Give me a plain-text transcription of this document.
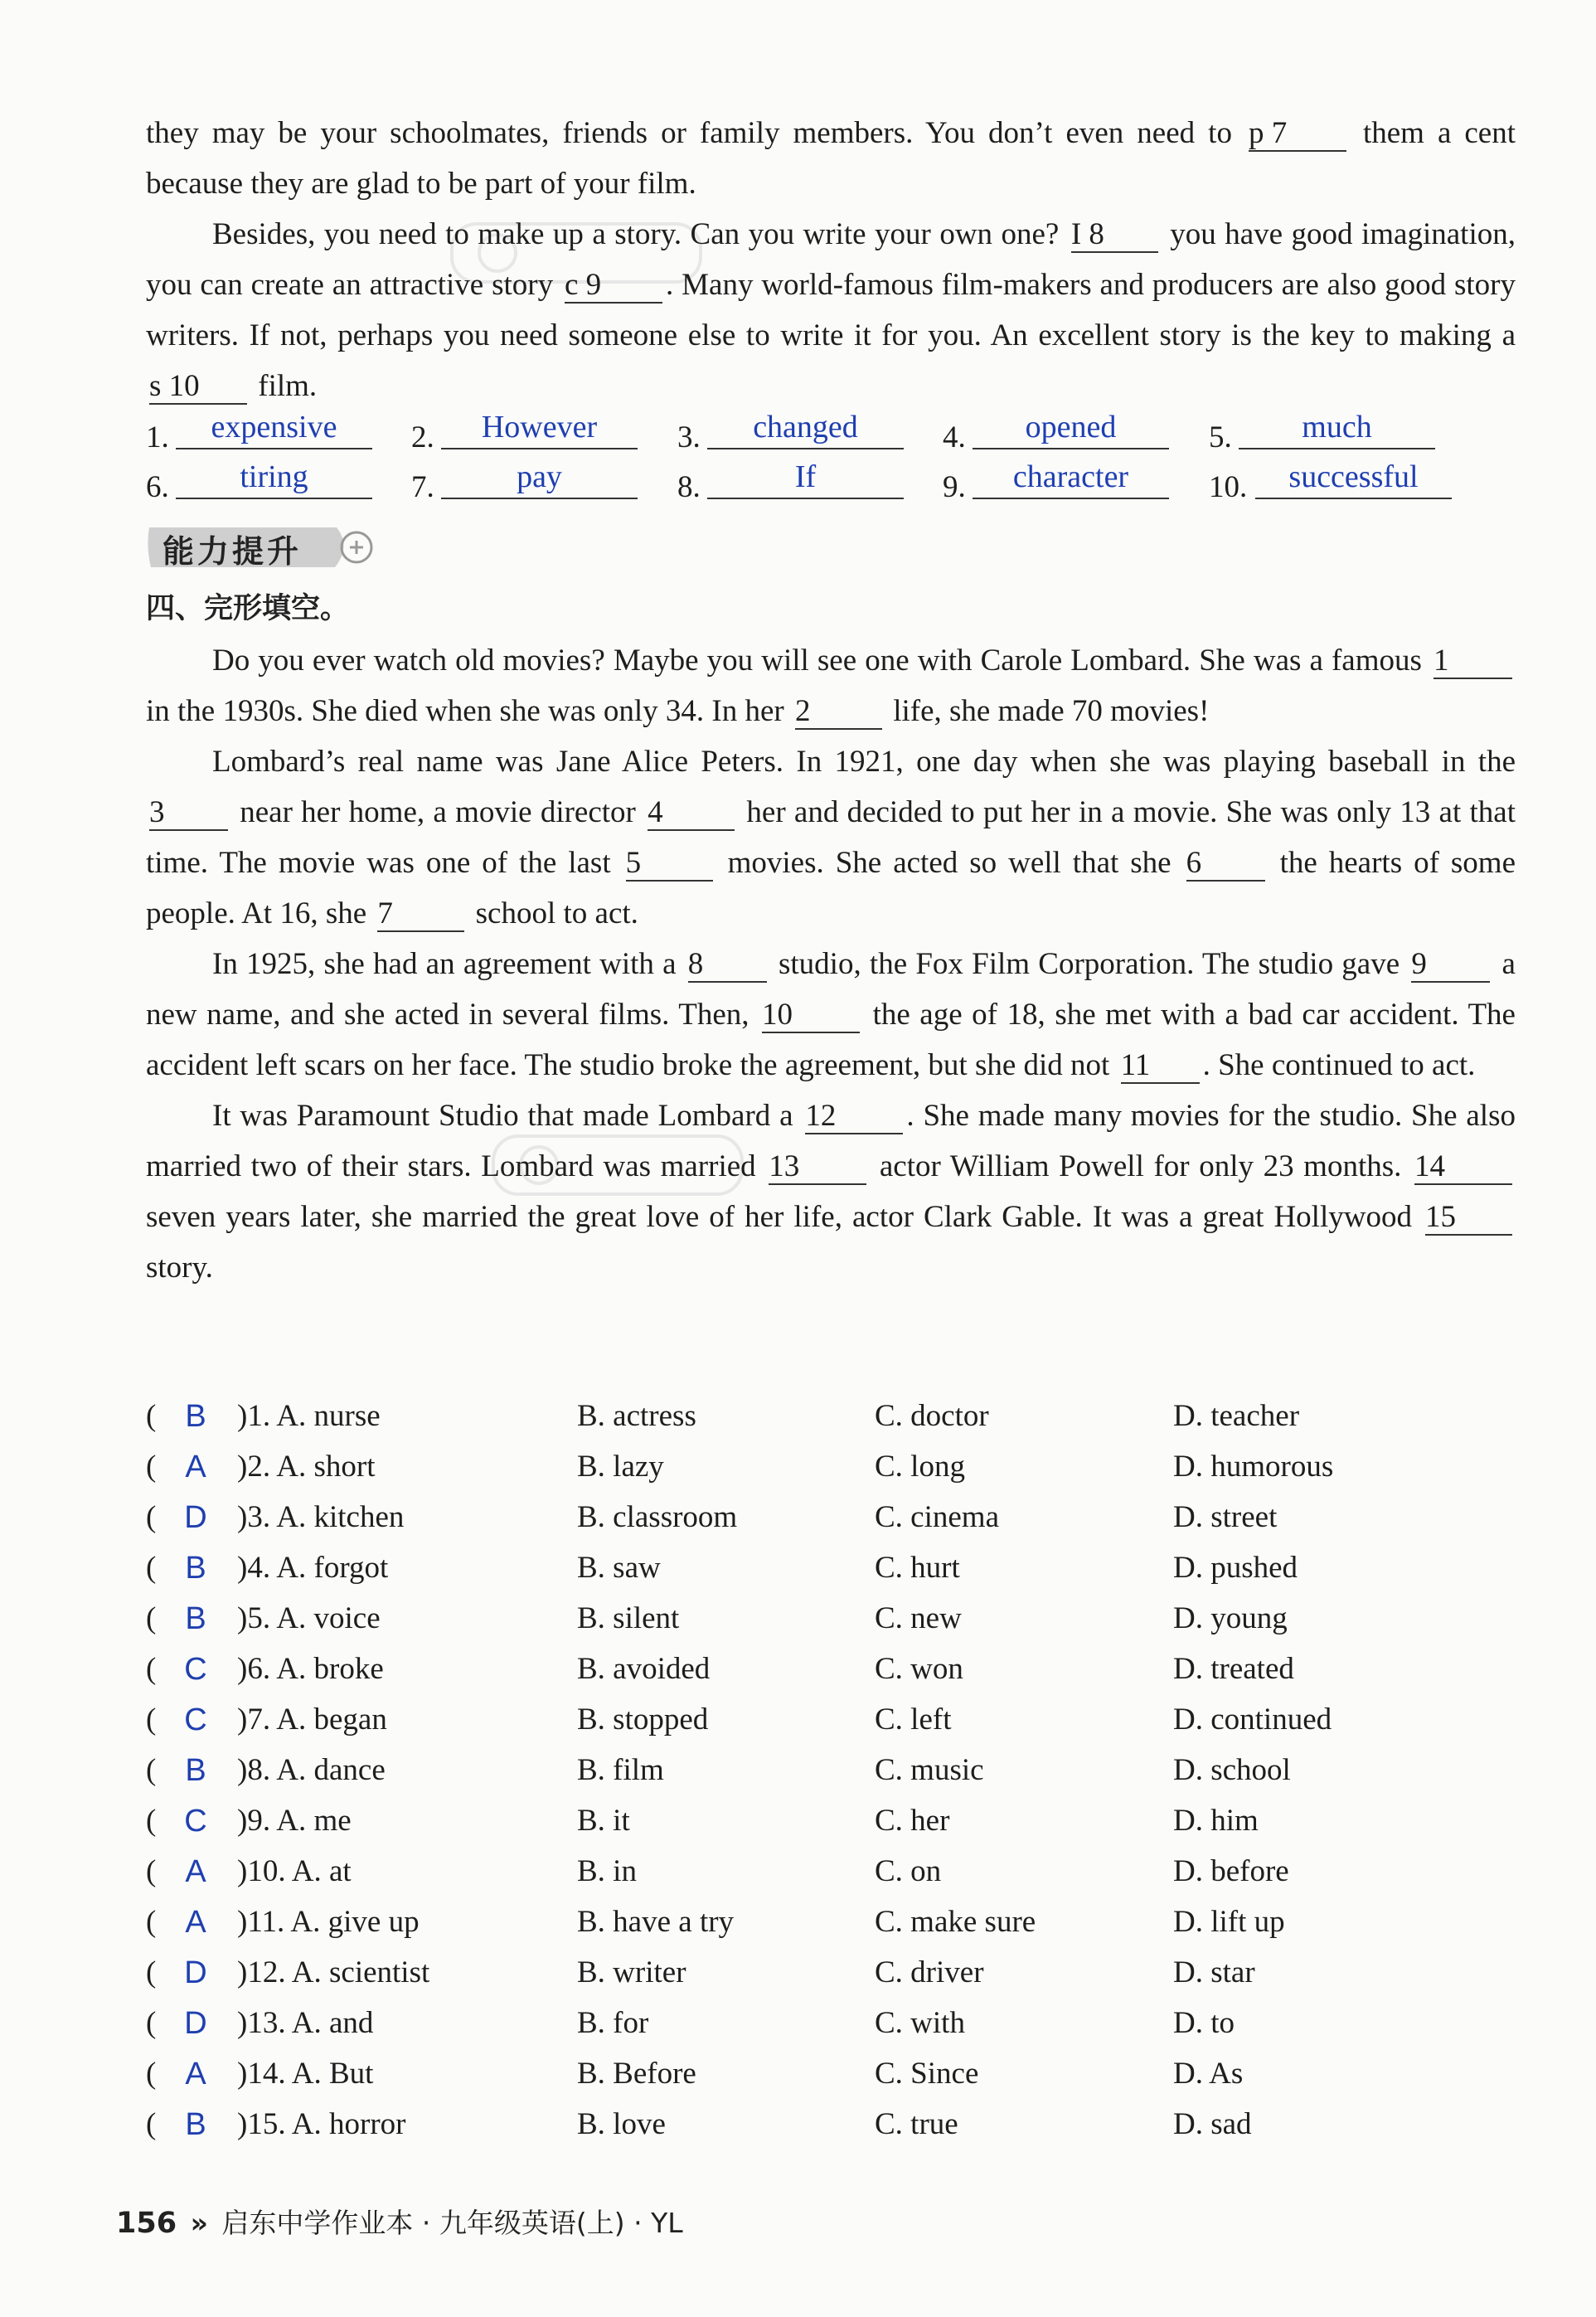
they may be your schoolmates, friends or family members. You don’t even need to p 7 them a cent because they are glad to be part of your film.

Besides, you need to make up a story. Can you write your own one? I 8 you have good imagination, you can create an attractive story c 9 . Many world-famous film-makers and producers are also good story writers. If not, perhaps you need someone else to write it for you. An excellent story is the key to making a s 10 film.

1.	expensive	2.	However	3.	changed	4.	opened	5.	much
6.	tiring	7.	pay	8.	If	9.	character	10.	successful
能力提升
四、完形填空。

Do you ever watch old movies? Maybe you will see one with Carole Lombard. She was a famous 1 in the 1930s. She died when she was only 34. In her 2 life, she made 70 movies!

Lombard’s real name was Jane Alice Peters. In 1921, one day when she was playing baseball in the 3 near her home, a movie director 4 her and decided to put her in a movie. She was only 13 at that time. The movie was one of the last 5 movies. She acted so well that she 6 the hearts of some people. At 16, she 7 school to act.

In 1925, she had an agreement with a 8 studio, the Fox Film Corporation. The studio gave 9 a new name, and she acted in several films. Then, 10 the age of 18, she met with a bad car accident. The accident left scars on her face. The studio broke the agreement, but she did not 11 . She continued to act.

It was Paramount Studio that made Lombard a 12 . She made many movies for the studio. She also married two of their stars. Lombard was married 13 actor William Powell for only 23 months. 14 seven years later, she married the great love of her life, actor Clark Gable. It was a great Hollywood 15 story.

( B )1. A. nurse	B. actress	C. doctor	D. teacher
( A )2. A. short	B. lazy	C. long	D. humorous
( D )3. A. kitchen	B. classroom	C. cinema	D. street
( B )4. A. forgot	B. saw	C. hurt	D. pushed
( B )5. A. voice	B. silent	C. new	D. young
( C )6. A. broke	B. avoided	C. won	D. treated
( C )7. A. began	B. stopped	C. left	D. continued
( B )8. A. dance	B. film	C. music	D. school
( C )9. A. me	B. it	C. her	D. him
( A )10. A. at	B. in	C. on	D. before
( A )11. A. give up	B. have a try	C. make sure	D. lift up
( D )12. A. scientist	B. writer	C. driver	D. star
( D )13. A. and	B. for	C. with	D. to
( A )14. A. But	B. Before	C. Since	D. As
( B )15. A. horror	B. love	C. true	D. sad
156 » 启东中学作业本 · 九年级英语(上) · YL
